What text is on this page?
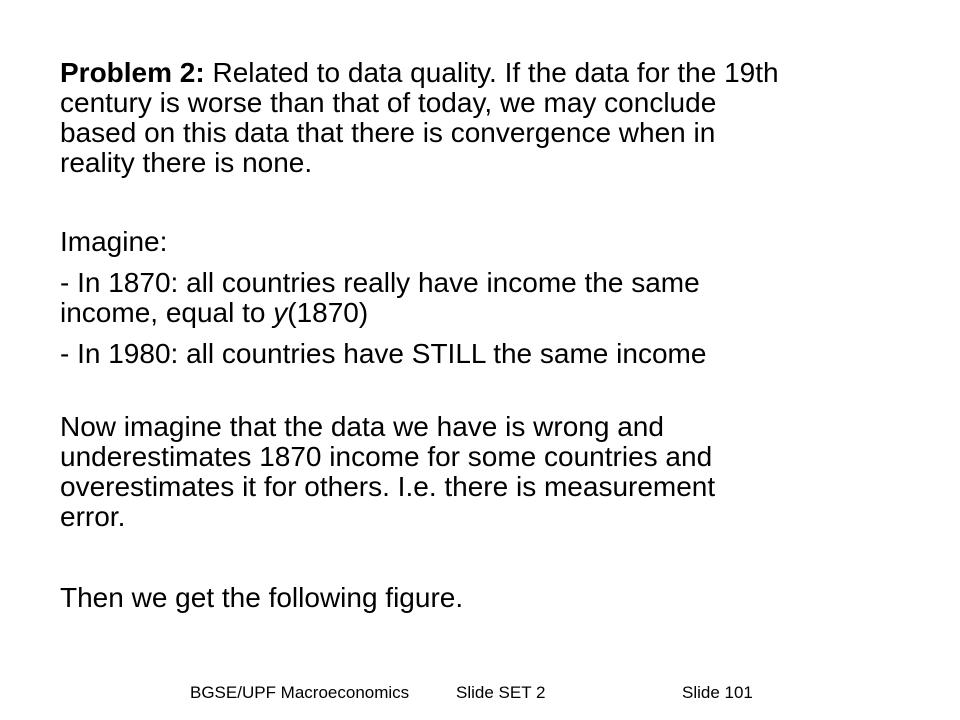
Problem 2: Related to data quality. If the data for the 19th
century is worse than that of today, we may conclude
based on this data that there is convergence when in
reality there is none.

Imagine:

- In 1870: all countries really have income the same
income, equal to y(1870)

- In 1980: all countries have STILL the same income

Now imagine that the data we have is wrong and
underestimates 1870 income for some countries and
overestimates it for others. I.e. there is measurement
error.

Then we get the following figure.

BGSE/UPF Macroeconomics	Slide SET 2	Slide 101
